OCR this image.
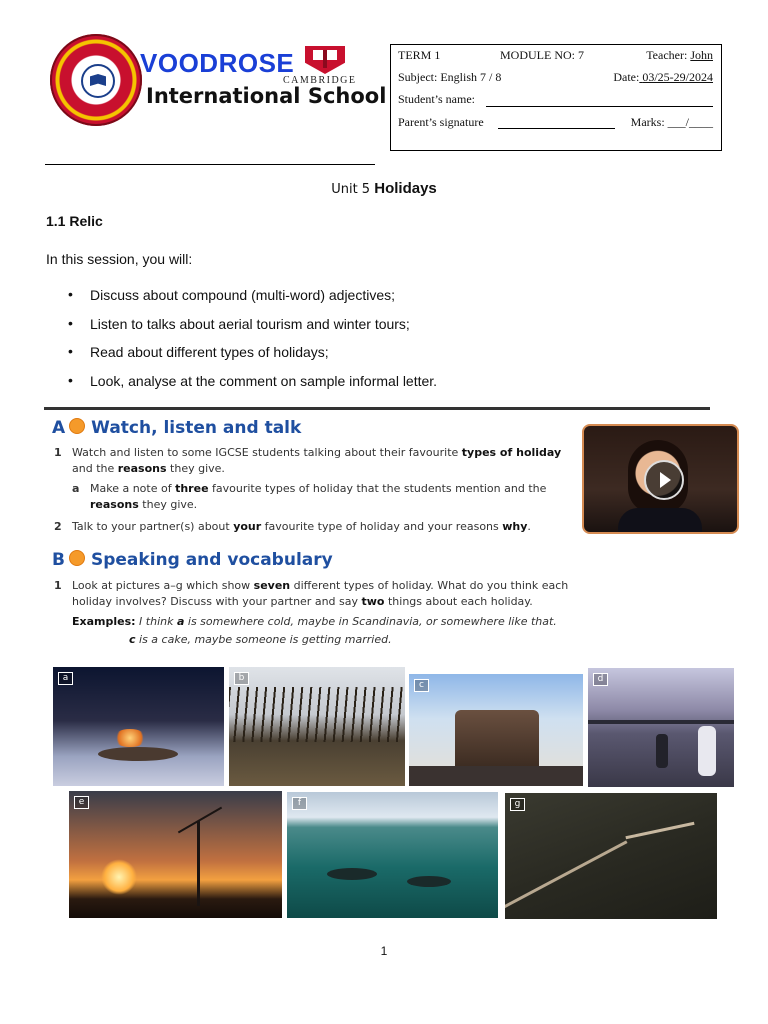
VOODROSE
International School
CAMBRIDGE
TERM 1	MODULE NO: 7	Teacher: John
Subject: English 7 / 8	Date: 03/25-29/2024
Student’s name:
Parent’s signature	Marks: ___/____
Unit 5 Holidays
1.1 Relic
In this session, you will:
• Discuss about compound (multi-word) adjectives;
• Listen to talks about aerial tourism and winter tours;
• Read about different types of holidays;
• Look, analyse at the comment on sample informal letter.
A Watch, listen and talk
1 Watch and listen to some IGCSE students talking about their favourite types of holiday and the reasons they give.
a Make a note of three favourite types of holiday that the students mention and the reasons they give.
2 Talk to your partner(s) about your favourite type of holiday and your reasons why.
B Speaking and vocabulary
1 Look at pictures a–g which show seven different types of holiday. What do you think each holiday involves? Discuss with your partner and say two things about each holiday.
Examples: I think a is somewhere cold, maybe in Scandinavia, or somewhere like that.
c is a cake, maybe someone is getting married.
a	b
c
d
e	f	g
1
